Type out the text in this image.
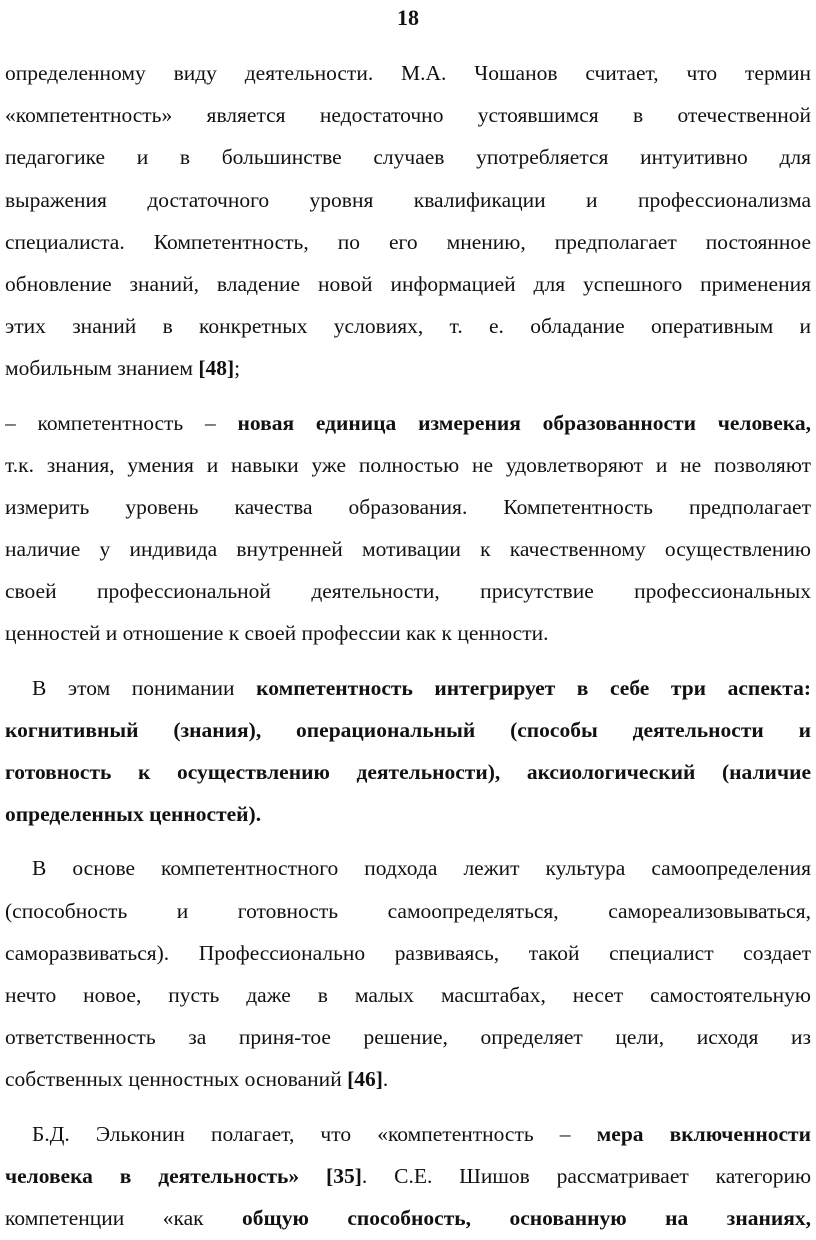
18
определенному виду деятельности. М.А. Чошанов считает, что термин
«компетентность» является недостаточно устоявшимся в отечественной
педагогике и в большинстве случаев употребляется интуитивно для
выражения достаточного уровня квалификации и профессионализма
специалиста. Компетентность, по его мнению, предполагает постоянное
обновление знаний, владение новой информацией для успешного применения
этих знаний в конкретных условиях, т. е. обладание оперативным и
мобильным знанием [48];
– компетентность – новая единица измерения образованности человека,
т.к. знания, умения и навыки уже полностью не удовлетворяют и не позволяют
измерить уровень качества образования. Компетентность предполагает
наличие у индивида внутренней мотивации к качественному осуществлению
своей профессиональной деятельности, присутствие профессиональных
ценностей и отношение к своей профессии как к ценности.
В этом понимании компетентность интегрирует в себе три аспекта:
когнитивный (знания), операциональный (способы деятельности и
готовность к осуществлению деятельности), аксиологический (наличие
определенных ценностей).
В основе компетентностного подхода лежит культура самоопределения
(способность и готовность самоопределяться, самореализовываться,
саморазвиваться). Профессионально развиваясь, такой специалист создает
нечто новое, пусть даже в малых масштабах, несет самостоятельную
ответственность за приня-тое решение, определяет цели, исходя из
собственных ценностных оснований [46].
Б.Д. Эльконин полагает, что «компетентность – мера включенности
человека в деятельность» [35]. С.Е. Шишов рассматривает категорию
компетенции «как общую способность, основанную на знаниях,
